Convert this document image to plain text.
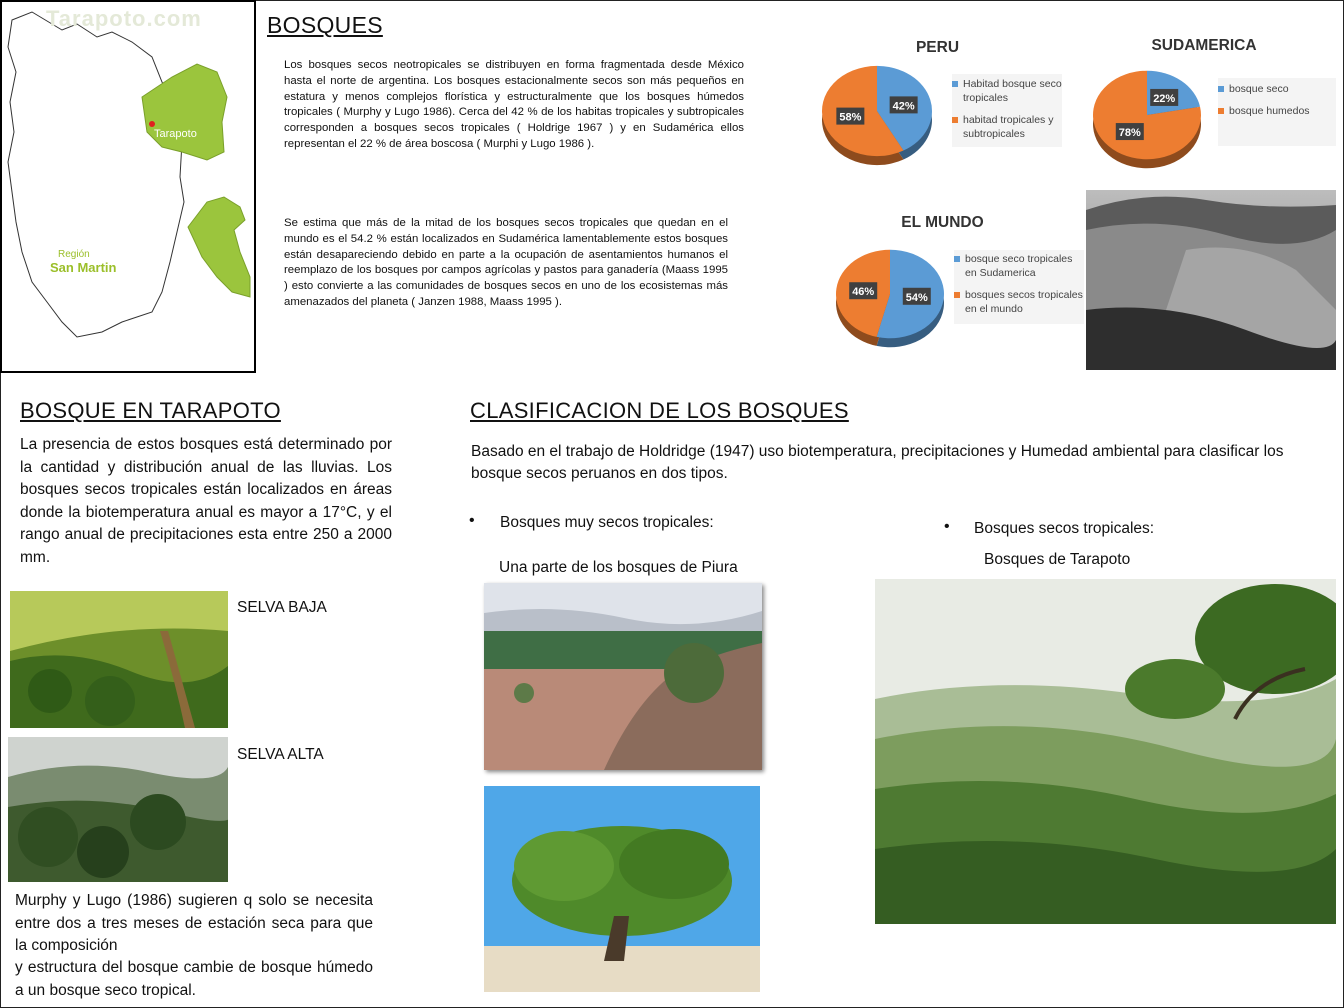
Tarapoto.com
Tarapoto
Región
San Martin
BOSQUES
Los bosques secos neotropicales se distribuyen en forma fragmentada desde México hasta el norte de argentina. Los bosques estacionalmente secos son más pequeños en estatura y menos complejos florística y estructuralmente que los bosques húmedos tropicales ( Murphy y Lugo 1986). Cerca del 42 % de los habitas tropicales y subtropicales corresponden a bosques secos tropicales ( Holdrige 1967 ) y en Sudamérica ellos representan el 22 % de área boscosa ( Murphi y Lugo 1986 ).
Se estima que más de la mitad de los bosques secos tropicales que quedan en el mundo es el 54.2 % están localizados en Sudamérica lamentablemente estos bosques están desapareciendo debido en parte a la ocupación de asentamientos humanos el reemplazo de los bosques por campos agrícolas y pastos para ganadería (Maass 1995 ) esto convierte a las comunidades de bosques secos en uno de los ecosistemas más amenazados del planeta ( Janzen 1988, Maass 1995 ).
PERU
42%
58%
Habitad bosque seco tropicales
habitad tropicales y subtropicales
SUDAMERICA
22%
78%
bosque seco
bosque humedos
EL MUNDO
54%
46%
bosque seco tropicales en Sudamerica
bosques secos tropicales en el mundo
BOSQUE EN TARAPOTO
La presencia de estos bosques está determinado por la cantidad y distribución anual de las lluvias. Los bosques secos tropicales están localizados en áreas donde la biotemperatura anual es mayor a 17°C, y el rango anual de precipitaciones esta entre 250 a 2000 mm.
SELVA BAJA
SELVA ALTA
Murphy y Lugo (1986) sugieren q solo se necesita entre dos a tres meses de estación seca para que la composición
y estructura del bosque cambie de bosque húmedo a un bosque seco tropical.
CLASIFICACION DE LOS BOSQUES
Basado en el trabajo de Holdridge (1947) uso biotemperatura, precipitaciones y Humedad ambiental para clasificar los bosque secos peruanos en dos tipos.
• Bosques muy secos tropicales:
Una parte de los bosques de Piura
• Bosques secos tropicales:
Bosques de Tarapoto
